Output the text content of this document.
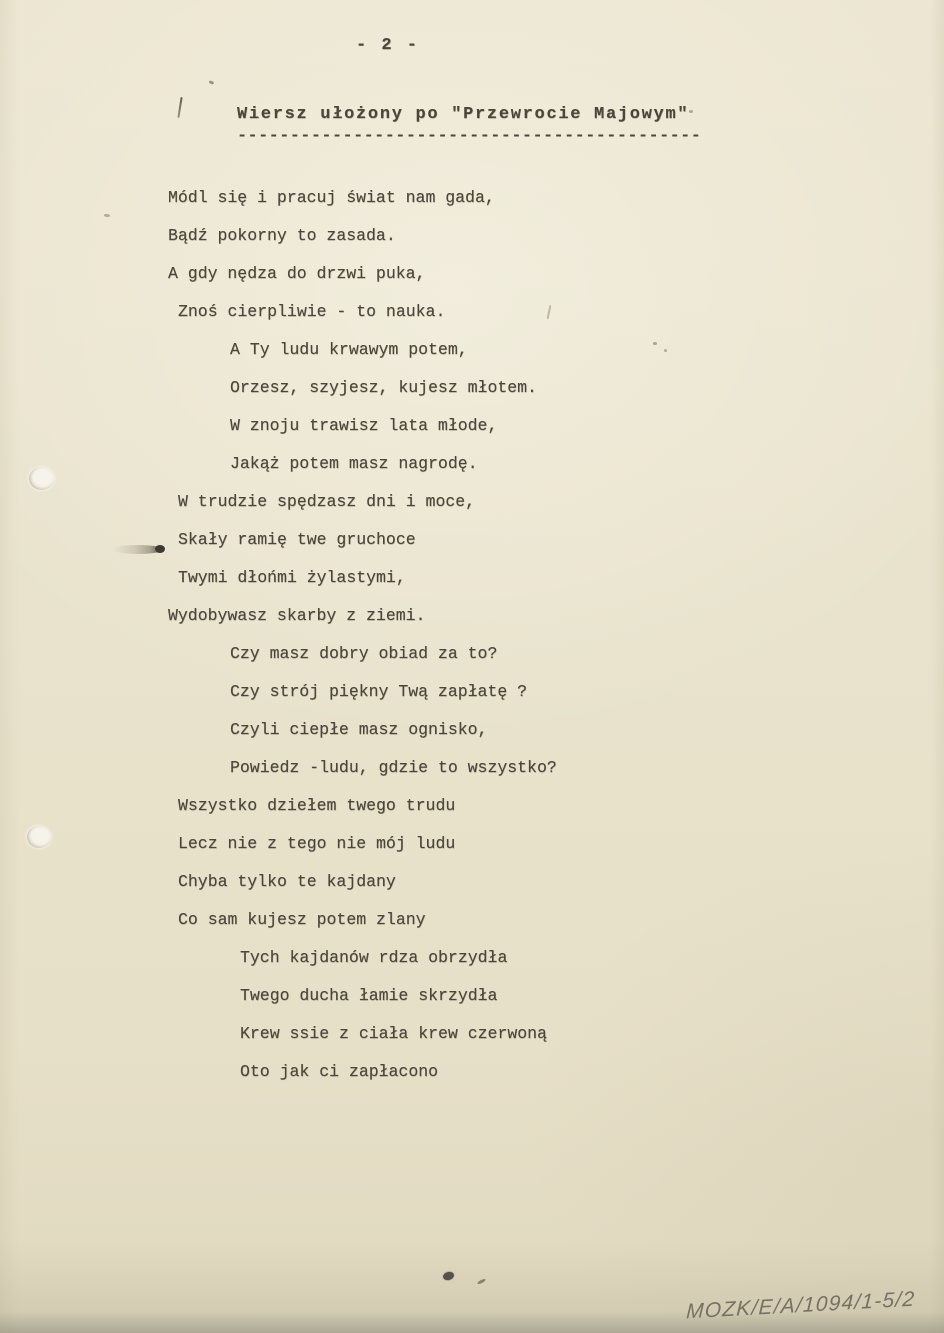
- 2 -
Wiersz ułożony po "Przewrocie Majowym"
--------------------------------------------
Módl się i pracuj świat nam gada,
Bądź pokorny to zasada.
A gdy nędza do drzwi puka,
Znoś cierpliwie - to nauka.
A Ty ludu krwawym potem,
Orzesz, szyjesz, kujesz młotem.
W znoju trawisz lata młode,
Jakąż potem masz nagrodę.
W trudzie spędzasz dni i moce,
Skały ramię twe gruchoce
Twymi dłońmi żylastymi,
Wydobywasz skarby z ziemi.
Czy masz dobry obiad za to?
Czy strój piękny Twą zapłatę ?
Czyli ciepłe masz ognisko,
Powiedz -ludu, gdzie to wszystko?
Wszystko dziełem twego trudu
Lecz nie z tego nie mój ludu
Chyba tylko te kajdany
Co sam kujesz potem zlany
Tych kajdanów rdza obrzydła
Twego ducha łamie skrzydła
Krew ssie z ciała krew czerwoną
Oto jak ci zapłacono
MOZK/E/A/1094/1-5/2
